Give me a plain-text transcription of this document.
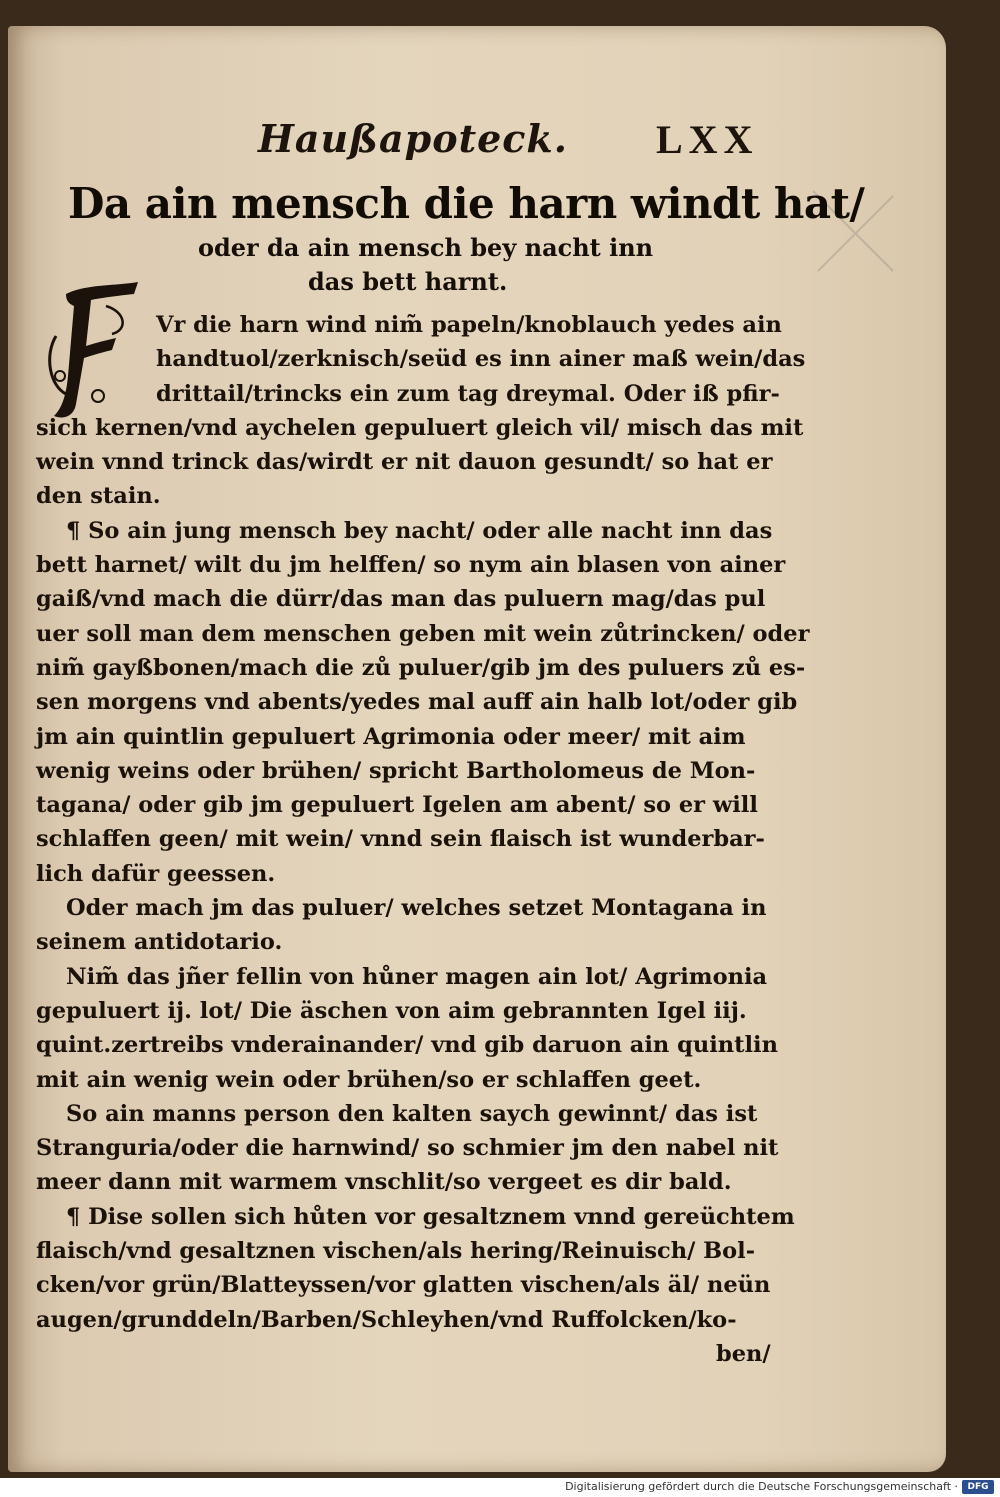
Haußapoteck. LXX
Da ain mensch die harn windt hat/
oder da ain mensch bey nacht inn
das bett harnt.
Vr die harn wind nim̃ papeln/knoblauch yedes ain
handtuol/zerknisch/seüd es inn ainer maß wein/das
drittail/trincks ein zum tag dreymal. Oder iß pfir-
sich kernen/vnd aychelen gepuluert gleich vil/ misch das mit
wein vnnd trinck das/wirdt er nit dauon gesundt/ so hat er
den stain.
¶ So ain jung mensch bey nacht/ oder alle nacht inn das
bett harnet/ wilt du jm helffen/ so nym ain blasen von ainer
gaiß/vnd mach die dürr/das man das puluern mag/das pul
uer soll man dem menschen geben mit wein zůtrincken/ oder
nim̃ gayßbonen/mach die zů puluer/gib jm des puluers zů es-
sen morgens vnd abents/yedes mal auff ain halb lot/oder gib
jm ain quintlin gepuluert Agrimonia oder meer/ mit aim
wenig weins oder brühen/ spricht Bartholomeus de Mon-
tagana/ oder gib jm gepuluert Igelen am abent/ so er will
schlaffen geen/ mit wein/ vnnd sein flaisch ist wunderbar-
lich dafür geessen.
Oder mach jm das puluer/ welches setzet Montagana in
seinem antidotario.
Nim̃ das jñer fellin von hůner magen ain lot/ Agrimonia
gepuluert ij. lot/ Die äschen von aim gebrannten Igel iij.
quint.zertreibs vnderainander/ vnd gib daruon ain quintlin
mit ain wenig wein oder brühen/so er schlaffen geet.
So ain manns person den kalten saych gewinnt/ das ist
Stranguria/oder die harnwind/ so schmier jm den nabel nit
meer dann mit warmem vnschlit/so vergeet es dir bald.
¶ Dise sollen sich hůten vor gesaltznem vnnd gereüchtem
flaisch/vnd gesaltznen vischen/als hering/Reinuisch/ Bol-
cken/vor grün/Blatteyssen/vor glatten vischen/als äl/ neün
augen/grunddeln/Barben/Schleyhen/vnd Ruffolcken/ko-
ben/
Digitalisierung gefördert durch die Deutsche Forschungsgemeinschaft ·	DFG
